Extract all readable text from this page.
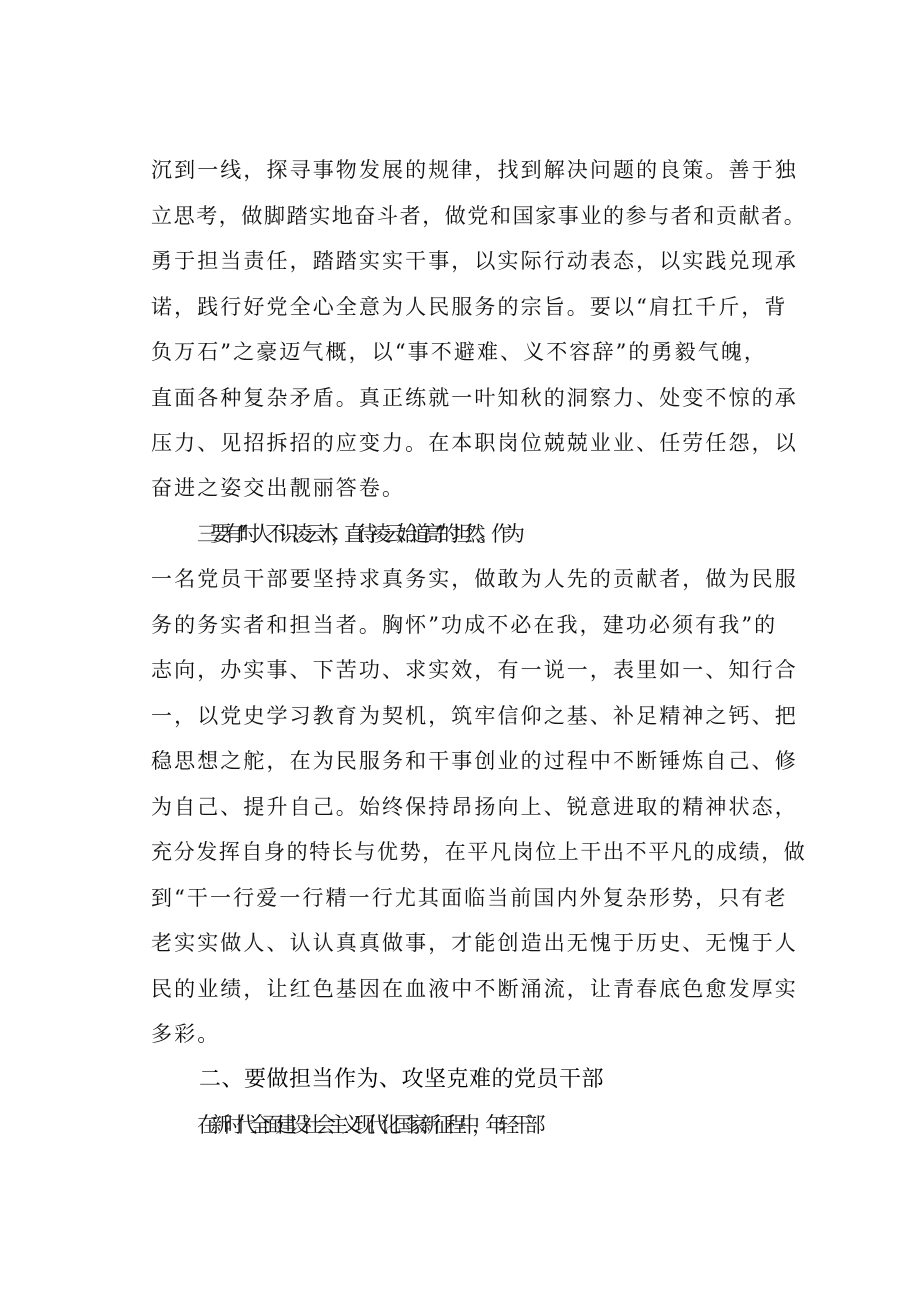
沉到一线，探寻事物发展的规律，找到解决问题的良策。善于独
立思考，做脚踏实地奋斗者，做党和国家事业的参与者和贡献者。
勇于担当责任，踏踏实实干事，以实际行动表态，以实践兑现承
诺，践行好党全心全意为人民服务的宗旨。要以“肩扛千斤，背
负万石”之豪迈气概，以“事不避难、义不容辞”的勇毅气魄，
直面各种复杂矛盾。真正练就一叶知秋的洞察力、处变不惊的承
压力、见招拆招的应变力。在本职岗位兢兢业业、任劳任怨，以
奋进之姿交出靓丽答卷。
三要有“时人不识凌云木，直待凌云始道高”的坦然。作为
一名党员干部要坚持求真务实，做敢为人先的贡献者，做为民服
务的务实者和担当者。胸怀”功成不必在我，建功必须有我”的
志向，办实事、下苦功、求实效，有一说一，表里如一、知行合
一，以党史学习教育为契机，筑牢信仰之基、补足精神之钙、把
稳思想之舵，在为民服务和干事创业的过程中不断锤炼自己、修
为自己、提升自己。始终保持昂扬向上、锐意进取的精神状态，
充分发挥自身的特长与优势，在平凡岗位上干出不平凡的成绩，做
到“干一行爱一行精一行尤其面临当前国内外复杂形势，只有老
老实实做人、认认真真做事，才能创造出无愧于历史、无愧于人
民的业绩，让红色基因在血液中不断涌流，让青春底色愈发厚实
多彩。
二、要做担当作为、攻坚克难的党员干部
在新时代全面建设社会主义现代化国家新征程中，年轻干部
